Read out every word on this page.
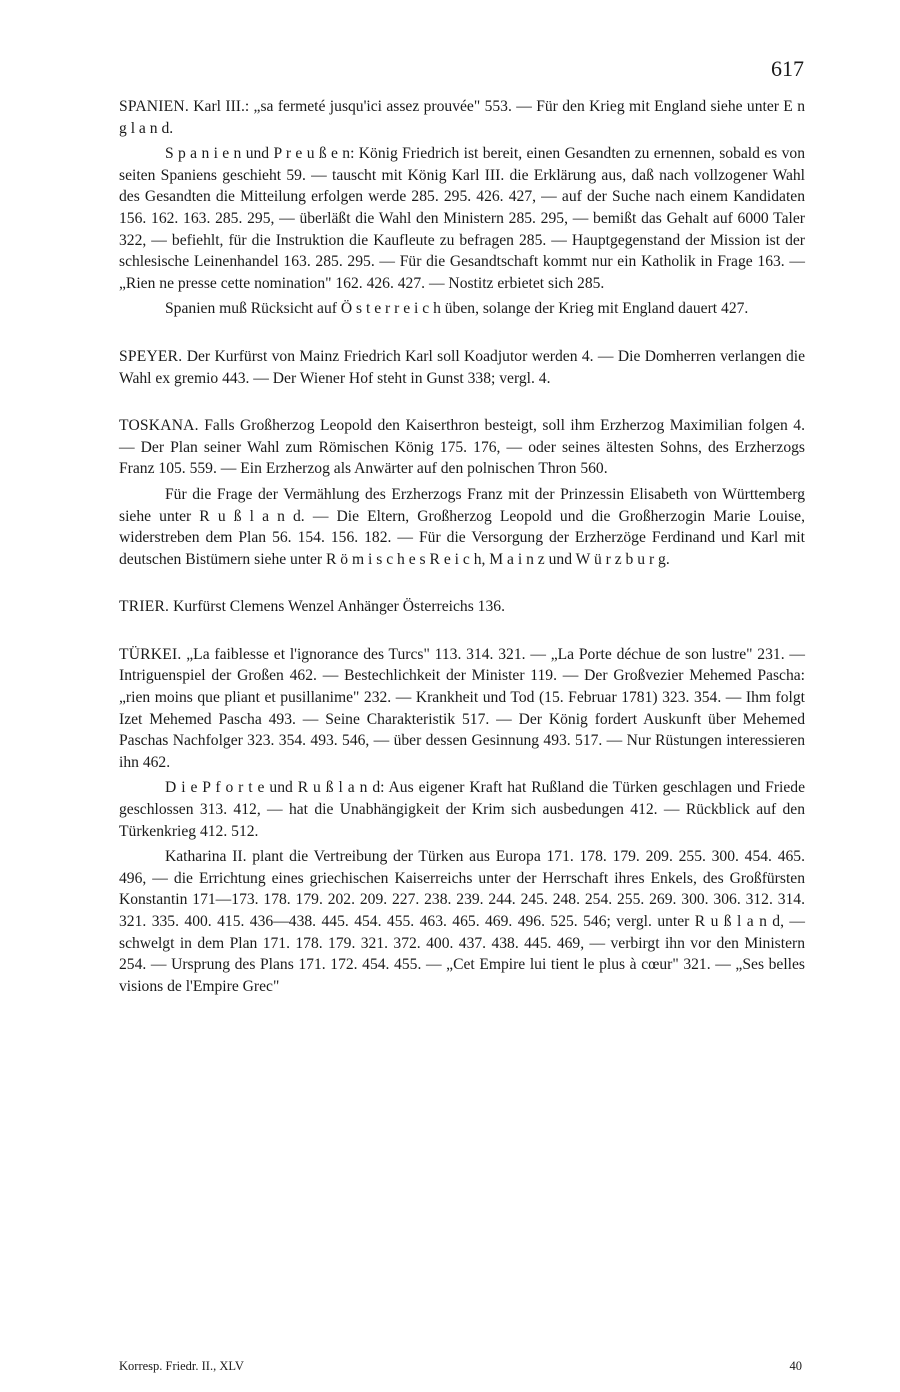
617

SPANIEN. Karl III.: „sa fermeté jusqu'ici assez prouvée" 553. — Für den Krieg mit England siehe unter E n g l a n d.

S p a n i e n und P r e u ß e n: König Friedrich ist bereit, einen Gesandten zu ernennen, sobald es von seiten Spaniens geschieht 59. — tauscht mit König Karl III. die Erklärung aus, daß nach vollzogener Wahl des Gesandten die Mitteilung erfolgen werde 285. 295. 426. 427, — auf der Suche nach einem Kandidaten 156. 162. 163. 285. 295, — überläßt die Wahl den Ministern 285. 295, — bemißt das Gehalt auf 6000 Taler 322, — befiehlt, für die Instruktion die Kaufleute zu befragen 285. — Hauptgegenstand der Mission ist der schlesische Leinenhandel 163. 285. 295. — Für die Gesandtschaft kommt nur ein Katholik in Frage 163. — „Rien ne presse cette nomination" 162. 426. 427. — Nostitz erbietet sich 285.

Spanien muß Rücksicht auf Ö s t e r r e i c h üben, solange der Krieg mit England dauert 427.

SPEYER. Der Kurfürst von Mainz Friedrich Karl soll Koadjutor werden 4. — Die Domherren verlangen die Wahl ex gremio 443. — Der Wiener Hof steht in Gunst 338; vergl. 4.

TOSKANA. Falls Großherzog Leopold den Kaiserthron besteigt, soll ihm Erzherzog Maximilian folgen 4. — Der Plan seiner Wahl zum Römischen König 175. 176, — oder seines ältesten Sohns, des Erzherzogs Franz 105. 559. — Ein Erzherzog als Anwärter auf den polnischen Thron 560.

Für die Frage der Vermählung des Erzherzogs Franz mit der Prinzessin Elisabeth von Württemberg siehe unter R u ß l a n d. — Die Eltern, Großherzog Leopold und die Großherzogin Marie Louise, widerstreben dem Plan 56. 154. 156. 182. — Für die Versorgung der Erzherzöge Ferdinand und Karl mit deutschen Bistümern siehe unter R ö m i s c h e s R e i c h, M a i n z und W ü r z b u r g.

TRIER. Kurfürst Clemens Wenzel Anhänger Österreichs 136.

TÜRKEI. „La faiblesse et l'ignorance des Turcs" 113. 314. 321. — „La Porte déchue de son lustre" 231. — Intriguenspiel der Großen 462. — Bestechlichkeit der Minister 119. — Der Großvezier Mehemed Pascha: „rien moins que pliant et pusillanime" 232. — Krankheit und Tod (15. Februar 1781) 323. 354. — Ihm folgt Izet Mehemed Pascha 493. — Seine Charakteristik 517. — Der König fordert Auskunft über Mehemed Paschas Nachfolger 323. 354. 493. 546, — über dessen Gesinnung 493. 517. — Nur Rüstungen interessieren ihn 462.

D i e P f o r t e und R u ß l a n d: Aus eigener Kraft hat Rußland die Türken geschlagen und Friede geschlossen 313. 412, — hat die Unabhängigkeit der Krim sich ausbedungen 412. — Rückblick auf den Türkenkrieg 412. 512.

Katharina II. plant die Vertreibung der Türken aus Europa 171. 178. 179. 209. 255. 300. 454. 465. 496, — die Errichtung eines griechischen Kaiserreichs unter der Herrschaft ihres Enkels, des Großfürsten Konstantin 171—173. 178. 179. 202. 209. 227. 238. 239. 244. 245. 248. 254. 255. 269. 300. 306. 312. 314. 321. 335. 400. 415. 436—438. 445. 454. 455. 463. 465. 469. 496. 525. 546; vergl. unter R u ß l a n d, — schwelgt in dem Plan 171. 178. 179. 321. 372. 400. 437. 438. 445. 469, — verbirgt ihn vor den Ministern 254. — Ursprung des Plans 171. 172. 454. 455. — „Cet Empire lui tient le plus à cœur" 321. — „Ses belles visions de l'Empire Grec"

Korresp. Friedr. II., XLV	40
